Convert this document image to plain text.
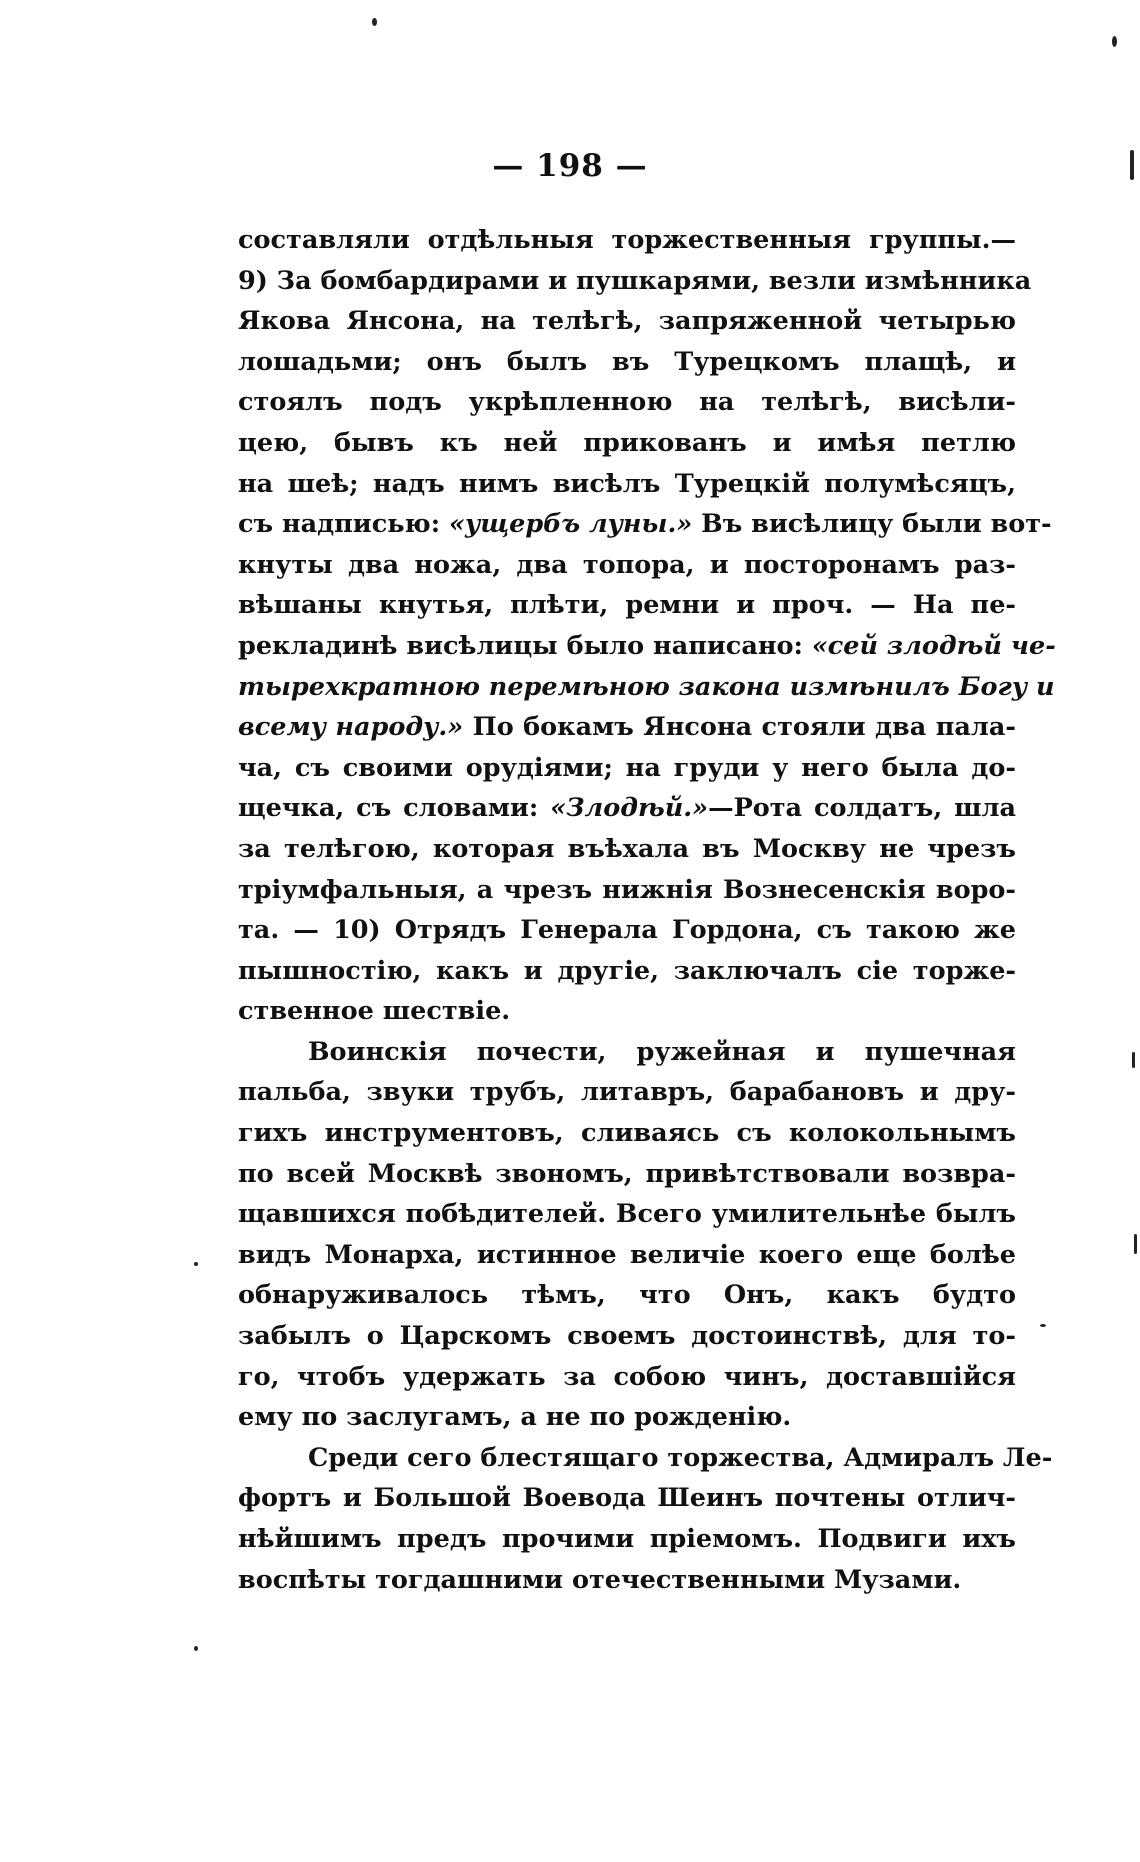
— 198 —
составляли отдѣльныя торжественныя группы.—
9) За бомбардирами и пушкарями, везли измѣнника
Якова Янсона, на телѣгѣ, запряженной четырью
лошадьми; онъ былъ въ Турецкомъ плащѣ, и
стоялъ подъ укрѣпленною на телѣгѣ, висѣли-
цею, бывъ къ ней прикованъ и имѣя петлю
на шеѣ; надъ нимъ висѣлъ Турецкій полумѣсяцъ,
съ надписью: «ущербъ луны.» Въ висѣлицу были вот-
кнуты два ножа, два топора, и посторонамъ раз-
вѣшаны кнутья, плѣти, ремни и проч. — На пе-
рекладинѣ висѣлицы было написано: «сей злодѣй че-
тырехкратною перемѣною закона измѣнилъ Богу и
всему народу.» По бокамъ Янсона стояли два пала-
ча, съ своими орудіями; на груди у него была до-
щечка, съ словами: «Злодѣй.»—Рота солдатъ, шла
за телѣгою, которая въѣхала въ Москву не чрезъ
тріумфальныя, а чрезъ нижнія Вознесенскія воро-
та. — 10) Отрядъ Генерала Гордона, съ такою же
пышностію, какъ и другіе, заключалъ сіе торже-
ственное шествіе.
Воинскія почести, ружейная и пушечная
пальба, звуки трубъ, литавръ, барабановъ и дру-
гихъ инструментовъ, сливаясь съ колокольнымъ
по всей Москвѣ звономъ, привѣтствовали возвра-
щавшихся побѣдителей. Всего умилительнѣе былъ
видъ Монарха, истинное величіе коего еще болѣе
обнаруживалось тѣмъ, что Онъ, какъ будто
забылъ о Царскомъ своемъ достоинствѣ, для то-
го, чтобъ удержать за собою чинъ, доставшійся
ему по заслугамъ, а не по рожденію.
Среди сего блестящаго торжества, Адмиралъ Ле-
фортъ и Большой Воевода Шеинъ почтены отлич-
нѣйшимъ предъ прочими пріемомъ. Подвиги ихъ
воспѣты тогдашними отечественными Музами.
